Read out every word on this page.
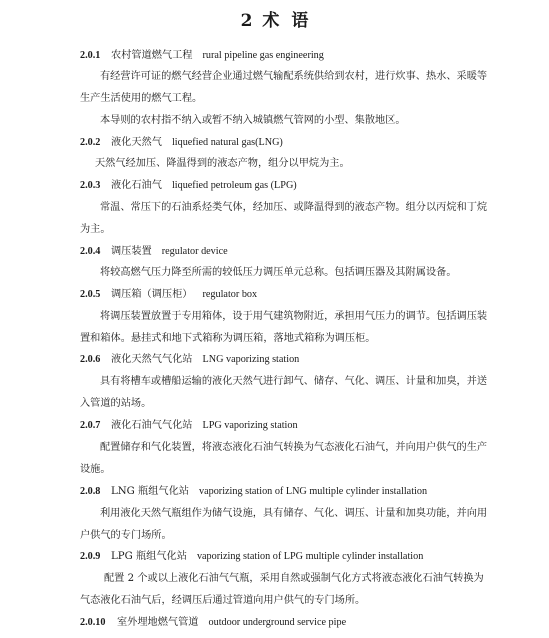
2 术 语
2.0.1 农村管道燃气工程 rural pipeline gas engineering
有经营许可证的燃气经营企业通过燃气输配系统供给到农村，进行炊事、热水、采暖等
生产生活使用的燃气工程。
本导则的农村指不纳入或暂不纳入城镇燃气管网的小型、集散地区。
2.0.2 液化天然气 liquefied natural gas(LNG)
天然气经加压、降温得到的液态产物，组分以甲烷为主。
2.0.3 液化石油气 liquefied petroleum gas (LPG)
常温、常压下的石油系烃类气体，经加压、或降温得到的液态产物。组分以丙烷和丁烷
为主。
2.0.4 调压装置 regulator device
将较高燃气压力降至所需的较低压力调压单元总称。包括调压器及其附属设备。
2.0.5 调压箱（调压柜） regulator box
将调压装置放置于专用箱体，设于用气建筑物附近，承担用气压力的调节。包括调压装
置和箱体。悬挂式和地下式箱称为调压箱，落地式箱称为调压柜。
2.0.6 液化天然气气化站 LNG vaporizing station
具有将槽车或槽船运输的液化天然气进行卸气、储存、气化、调压、计量和加臭，并送
入管道的站场。
2.0.7 液化石油气气化站 LPG vaporizing station
配置储存和气化装置，将液态液化石油气转换为气态液化石油气，并向用户供气的生产
设施。
2.0.8 LNG 瓶组气化站 vaporizing station of LNG multiple cylinder installation
利用液化天然气瓶组作为储气设施，具有储存、气化、调压、计量和加臭功能，并向用
户供气的专门场所。
2.0.9 LPG 瓶组气化站 vaporizing station of LPG multiple cylinder installation
配置 2 个或以上液化石油气气瓶，采用自然或强制气化方式将液态液化石油气转换为
气态液化石油气后，经调压后通过管道向用户供气的专门场所。
2.0.10 室外埋地燃气管道 outdoor underground service pipe
